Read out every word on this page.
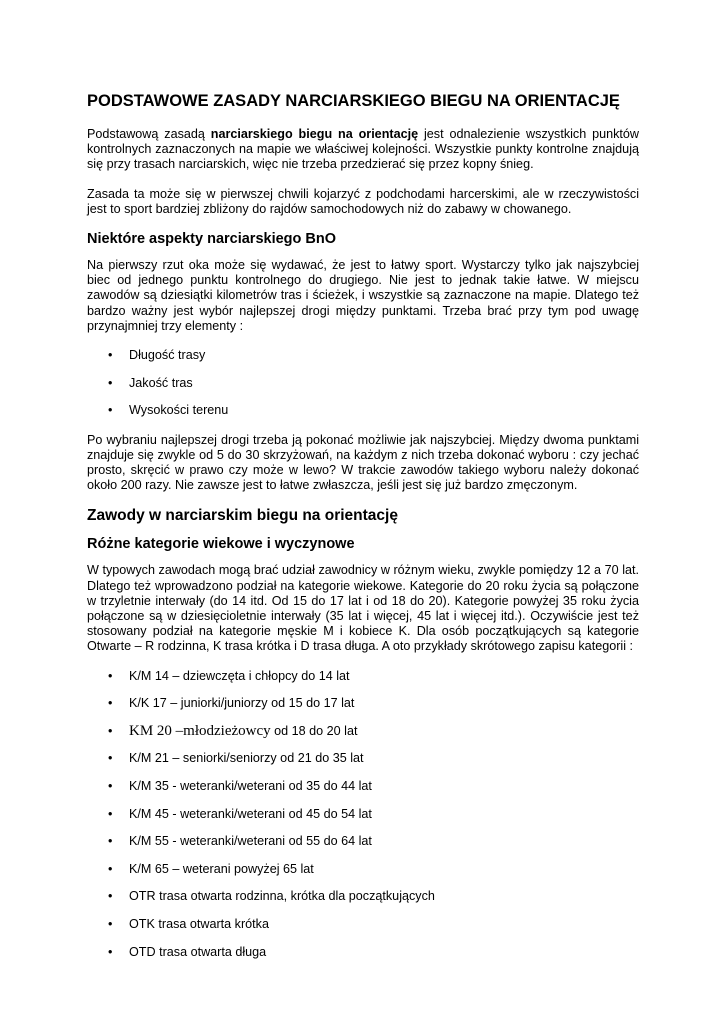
PODSTAWOWE ZASADY NARCIARSKIEGO BIEGU NA ORIENTACJĘ

Podstawową zasadą narciarskiego biegu na orientację jest odnalezienie wszystkich punktów kontrolnych zaznaczonych na mapie we właściwej kolejności. Wszystkie punkty kontrolne znajdują się przy trasach narciarskich, więc nie trzeba przedzierać się przez kopny śnieg.

Zasada ta może się w pierwszej chwili kojarzyć z podchodami harcerskimi, ale w rzeczywistości jest to sport bardziej zbliżony do rajdów samochodowych niż do zabawy w chowanego.

Niektóre aspekty narciarskiego BnO

Na pierwszy rzut oka może się wydawać, że jest to łatwy sport. Wystarczy tylko jak najszybciej biec od jednego punktu kontrolnego do drugiego. Nie jest to jednak takie łatwe. W miejscu zawodów są dziesiątki kilometrów tras i ścieżek, i wszystkie są zaznaczone na mapie. Dlatego też bardzo ważny jest wybór najlepszej drogi między punktami. Trzeba brać przy tym pod uwagę przynajmniej trzy elementy :

• Długość trasy
• Jakość tras
• Wysokości terenu

Po wybraniu najlepszej drogi trzeba ją pokonać możliwie jak najszybciej. Między dwoma punktami znajduje się zwykle od 5 do 30 skrzyżowań, na każdym z nich trzeba dokonać wyboru : czy jechać prosto, skręcić w prawo czy może w lewo? W trakcie zawodów takiego wyboru należy dokonać około 200 razy. Nie zawsze jest to łatwe zwłaszcza, jeśli jest się już bardzo zmęczonym.

Zawody w narciarskim biegu na orientację
Różne kategorie wiekowe i wyczynowe

W typowych zawodach mogą brać udział zawodnicy w różnym wieku, zwykle pomiędzy 12 a 70 lat. Dlatego też wprowadzono podział na kategorie wiekowe. Kategorie do 20 roku życia są połączone w trzyletnie interwały (do 14 itd. Od 15 do 17 lat i od 18 do 20). Kategorie powyżej 35 roku życia połączone są w dziesięcioletnie interwały (35 lat i więcej, 45 lat i więcej itd.). Oczywiście jest też stosowany podział na kategorie męskie M i kobiece K. Dla osób początkujących są kategorie Otwarte – R rodzinna, K trasa krótka i D trasa długa. A oto przykłady skrótowego zapisu kategorii :

• K/M 14 – dziewczęta i chłopcy do 14 lat
• K/K 17 – juniorki/juniorzy od 15 do 17 lat
• KM 20 –młodzieżowcy od 18 do 20 lat
• K/M 21 – seniorki/seniorzy od 21 do 35 lat
• K/M 35 - weteranki/weterani od 35 do 44 lat
• K/M 45 - weteranki/weterani od 45 do 54 lat
• K/M 55 - weteranki/weterani od 55 do 64 lat
• K/M 65 – weterani powyżej 65 lat
• OTR trasa otwarta rodzinna, krótka dla początkujących
• OTK trasa otwarta krótka
• OTD trasa otwarta długa
